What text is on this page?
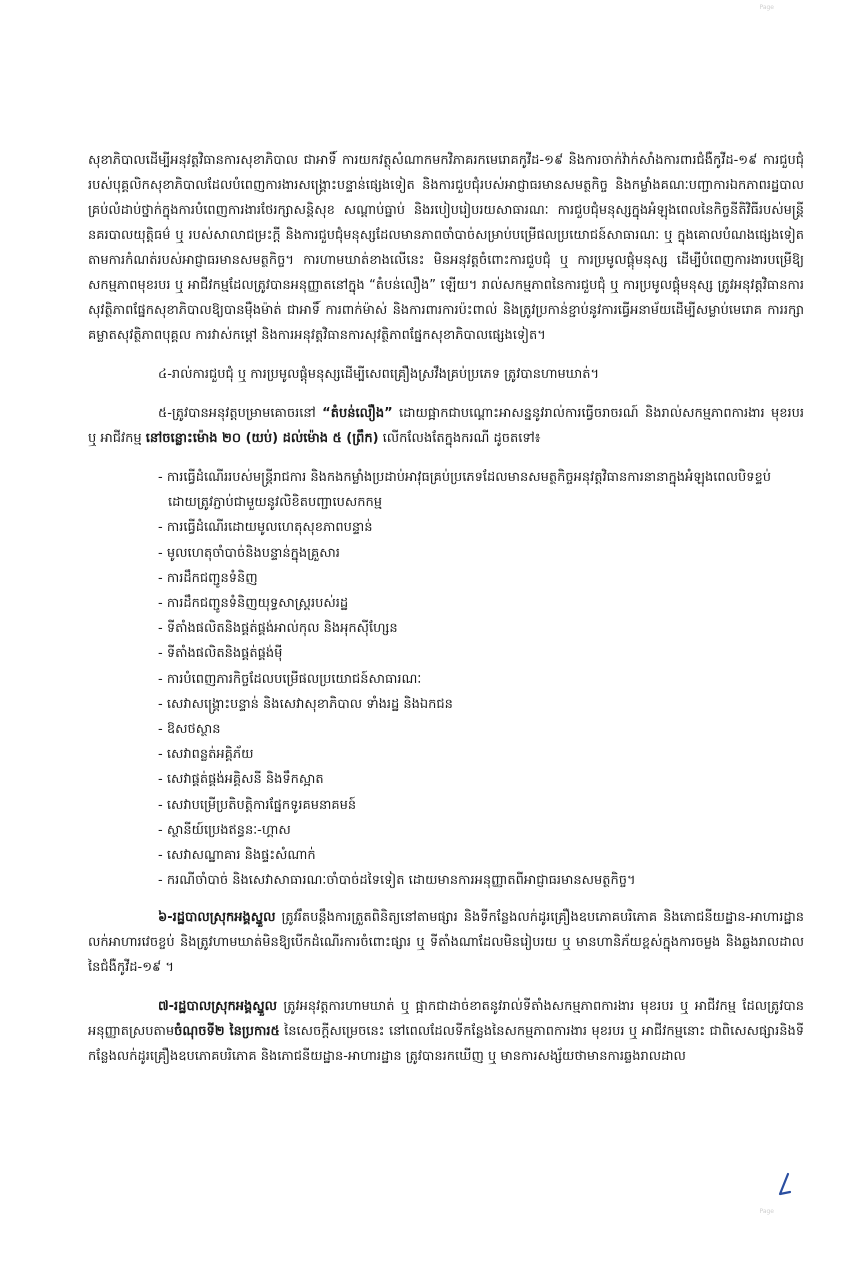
Page

សុខាភិបាលដើម្បីអនុវត្តវិធានការសុខាភិបាល ជាអាទិ៍ ការយកវត្ថុសំណាកមកវិភាគរកមេរោគកូវីដ-១៩ និងការចាក់វ៉ាក់សាំងការពារជំងឺកូវីដ-១៩ ការជួបជុំរបស់បុគ្គលិកសុខាភិបាលដែលបំពេញការងារសង្គ្រោះបន្ទាន់ផ្សេងទៀត និងការជួបជុំរបស់អាជ្ញាធរមានសមត្ថកិច្ច និងកម្លាំងគណៈបញ្ជាការឯកភាពរដ្ឋបាលគ្រប់លំដាប់ថ្នាក់ក្នុងការបំពេញការងារថែរក្សាសន្តិសុខ សណ្តាប់ធ្នាប់ និងរបៀបរៀបរយសាធារណៈ ការជួបជុំមនុស្សក្នុងអំឡុងពេលនៃកិច្ចនីតិវិធីរបស់មន្ត្រីនគរបាលយុត្តិធម៌ ឬ របស់សាលាជម្រះក្តី និងការជួបជុំមនុស្សដែលមានភាពចាំបាច់សម្រាប់បម្រើផលប្រយោជន៍សាធារណៈ ឬ ក្នុងគោលបំណងផ្សេងទៀតតាមការកំណត់របស់អាជ្ញាធរមានសមត្ថកិច្ច។ ការហាមឃាត់ខាងលើនេះ មិនអនុវត្តចំពោះការជួបជុំ ឬ ការប្រមូលផ្តុំមនុស្ស ដើម្បីបំពេញការងារបម្រើឱ្យសកម្មភាពមុខរបរ ឬ អាជីវកម្មដែលត្រូវបានអនុញ្ញាតនៅក្នុង “តំបន់លឿង” ឡើយ។ រាល់សកម្មភាពនៃការជួបជុំ ឬ ការប្រមូលផ្តុំមនុស្ស ត្រូវអនុវត្តវិធានការសុវត្ថិភាពផ្នែកសុខាភិបាលឱ្យបានម៉ឺងម៉ាត់ ជាអាទិ៍ ការពាក់ម៉ាស់ និងការពារការប៉ះពាល់ និងត្រូវប្រកាន់ខ្ជាប់នូវការធ្វើអនាម័យដើម្បីសម្លាប់មេរោគ ការរក្សាគម្លាតសុវត្ថិភាពបុគ្គល ការវាស់កម្តៅ និងការអនុវត្តវិធានការសុវត្ថិភាពផ្នែកសុខាភិបាលផ្សេងទៀត។

៤-រាល់ការជួបជុំ ឬ ការប្រមូលផ្តុំមនុស្សដើម្បីសេពគ្រឿងស្រវឹងគ្រប់ប្រភេទ ត្រូវបានហាមឃាត់។

៥-ត្រូវបានអនុវត្តបម្រាមគោចរនៅ “តំបន់លឿង” ដោយផ្អាកជាបណ្តោះអាសន្ននូវរាល់ការធ្វើចរាចរណ៍ និងរាល់សកម្មភាពការងារ មុខរបរ ឬ អាជីវកម្ម នៅចន្លោះម៉ោង ២០ (យប់) ដល់ម៉ោង ៥ (ព្រឹក) លើកលែងតែក្នុងករណី ដូចតទៅ៖

- ការធ្វើដំណើររបស់មន្ត្រីរាជការ និងកងកម្លាំងប្រដាប់អាវុធគ្រប់ប្រភេទដែលមានសមត្ថកិច្ចអនុវត្តវិធានការនានាក្នុងអំឡុងពេលបិទខ្ទប់ ដោយត្រូវភ្ជាប់ជាមួយនូវលិខិតបញ្ជាបេសកកម្ម
- ការធ្វើដំណើរដោយមូលហេតុសុខភាពបន្ទាន់
- មូលហេតុចាំបាច់និងបន្ទាន់ក្នុងគ្រួសារ
- ការដឹកជញ្ជូនទំនិញ
- ការដឹកជញ្ជូនទំនិញយុទ្ធសាស្ត្ររបស់រដ្ឋ
- ទីតាំងផលិតនិងផ្គត់ផ្គង់អាល់កុល និងអុកស៊ីហ្សែន
- ទីតាំងផលិតនិងផ្គត់ផ្គង់ម៉ី
- ការបំពេញភារកិច្ចដែលបម្រើផលប្រយោជន៍សាធារណៈ
- សេវាសង្គ្រោះបន្ទាន់ និងសេវាសុខាភិបាល ទាំងរដ្ឋ និងឯកជន
- ឱសថស្ថាន
- សេវាពន្លត់អគ្គិភ័យ
- សេវាផ្គត់ផ្គង់អគ្គិសនី និងទឹកស្អាត
- សេវាបម្រើប្រតិបត្តិការផ្នែកទូរគមនាគមន៍
- ស្ថានីយ៍ប្រេងឥន្ធនៈ-ហ្គាស
- សេវាសណ្ឋាគារ និងផ្ទះសំណាក់
- ករណីចាំបាច់ និងសេវាសាធារណៈចាំបាច់ដទៃទៀត ដោយមានការអនុញ្ញាតពីអាជ្ញាធរមានសមត្ថកិច្ច។

៦-រដ្ឋបាលស្រុកអង្គស្នួល ត្រូវរឹតបន្តឹងការត្រួតពិនិត្យនៅតាមផ្សារ និងទីកន្លែងលក់ដូរគ្រឿងឧបភោគបរិភោគ និងភោជនីយដ្ឋាន-អាហារដ្ឋានលក់អាហារវេចខ្ចប់ និងត្រូវហាមឃាត់មិនឱ្យបើកដំណើរការចំពោះផ្សារ ឬ ទីតាំងណាដែលមិនរៀបរយ ឬ មានហានិភ័យខ្ពស់ក្នុងការចម្លង និងឆ្លងរាលដាលនៃជំងឺកូវីដ-១៩ ។

៧-រដ្ឋបាលស្រុកអង្គស្នួល ត្រូវអនុវត្តការហាមឃាត់ ឬ ផ្អាកជាដាច់ខាតនូវរាល់ទីតាំងសកម្មភាពការងារ មុខរបរ ឬ អាជីវកម្ម ដែលត្រូវបានអនុញ្ញាតស្របតាមចំណុចទី២ នៃប្រការ៥ នៃសេចក្តីសម្រេចនេះ នៅពេលដែលទីកន្លែងនៃសកម្មភាពការងារ មុខរបរ ឬ អាជីវកម្មនោះ ជាពិសេសផ្សារនិងទីកន្លែងលក់ដូរគ្រឿងឧបភោគបរិភោគ និងភោជនីយដ្ឋាន-អាហារដ្ឋាន ត្រូវបានរកឃើញ ឬ មានការសង្ស័យថាមានការឆ្លងរាលដាល

Page
